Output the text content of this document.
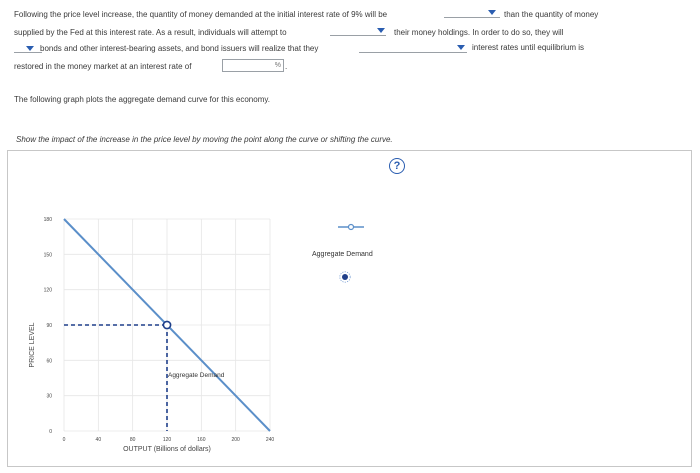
Following the price level increase, the quantity of money demanded at the initial interest rate of 9% will be	than the quantity of money
supplied by the Fed at this interest rate. As a result, individuals will attempt to	their money holdings. In order to do so, they will
bonds and other interest-bearing assets, and bond issuers will realize that they	interest rates until equilibrium is
restored in the money market at an interest rate of	% .
The following graph plots the aggregate demand curve for this economy.
Show the impact of the increase in the price level by moving the point along the curve or shifting the curve.
?
0
30
60
90
120
150
180
0	40	80	120	160	200	240
Aggregate Demand
OUTPUT (Billions of dollars)
PRICE LEVEL
Aggregate Demand
